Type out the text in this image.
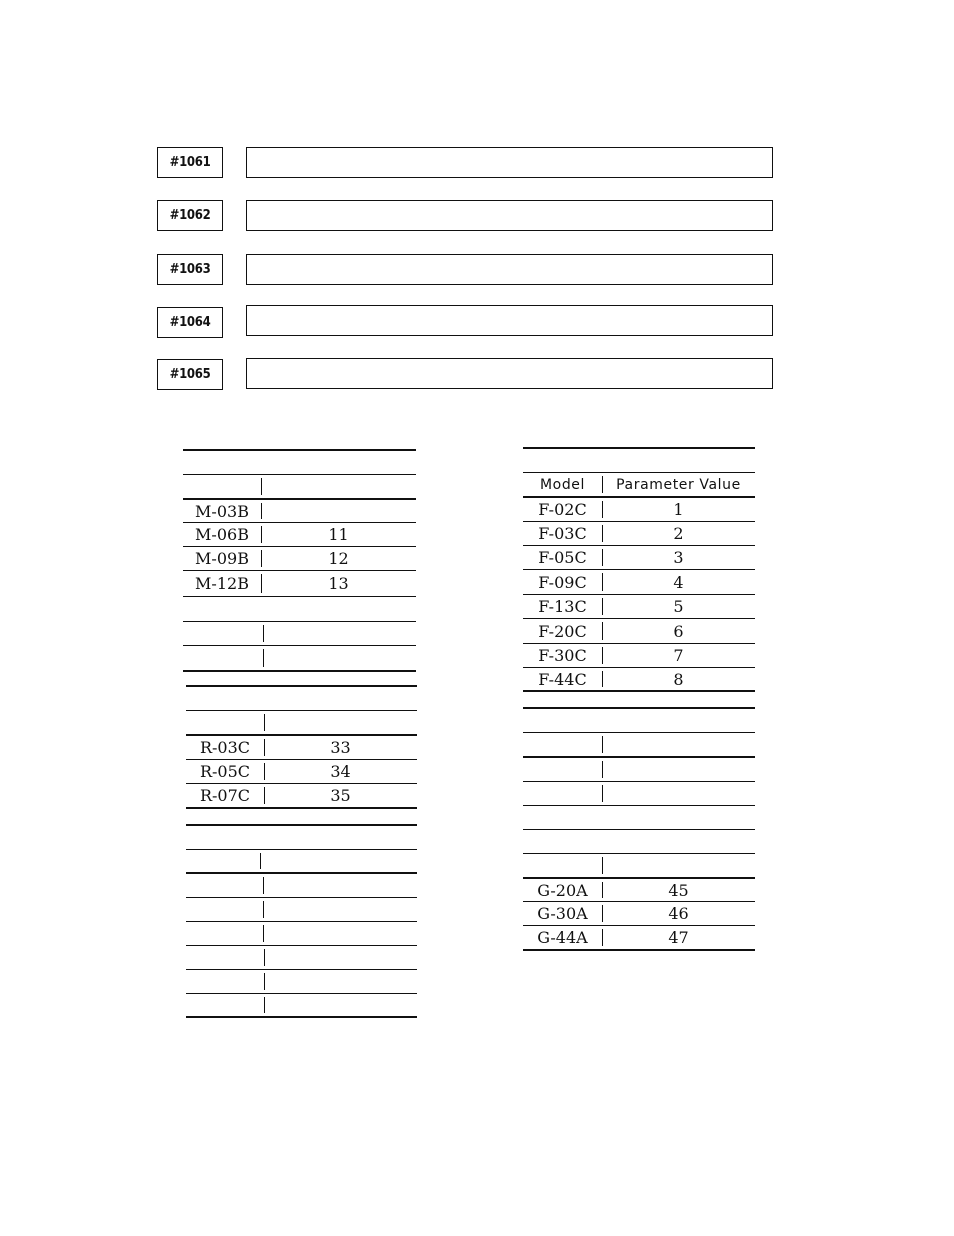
#1061
#1062
#1063
#1064
#1065
M-03B
M-06B	11
M-09B	12
M-12B	13
R-03C	33
R-05C	34
R-07C	35
Model	Parameter Value
F-02C	1
F-03C	2
F-05C	3
F-09C	4
F-13C	5
F-20C	6
F-30C	7
F-44C	8
G-20A	45
G-30A	46
G-44A	47
